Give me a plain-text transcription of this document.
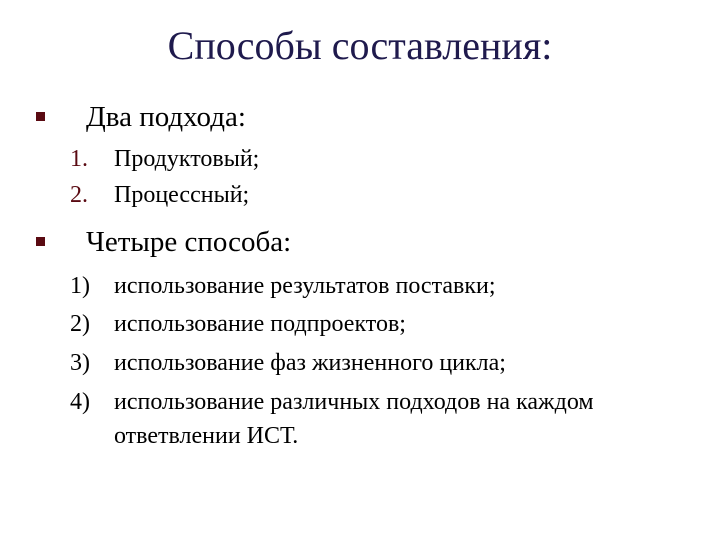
Способы составления:
Два подхода:
1. Продуктовый;
2. Процессный;
Четыре способа:
1) использование результатов поставки;
2) использование подпроектов;
3) использование фаз жизненного цикла;
4) использование различных подходов на каждом
ответвлении ИСТ.
